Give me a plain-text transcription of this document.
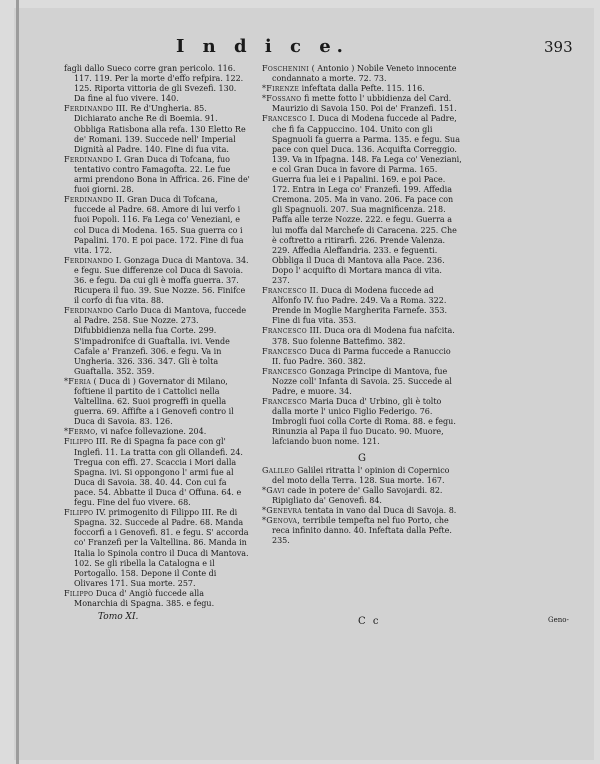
I n d i c e.	393

fagli dallo Sueco corre gran pericolo. 116. 117. 119. Per la morte d'effo refpira. 122. 125. Riporta vittoria de gli Svezefi. 130. Da fine al fuo vivere. 140.

Ferdinando III. Re d'Ungheria. 85. Dichiarato anche Re di Boemia. 91. Obbliga Ratisbona alla refa. 130 Eletto Re de' Romani. 139. Succede nell' Imperial Dignità al Padre. 140. Fine di fua vita.

Ferdinando I. Gran Duca di Tofcana, fuo tentativo contro Famagofta. 22. Le fue armi prendono Bona in Affrica. 26. Fine de' fuoi giorni. 28.

Ferdinando II. Gran Duca di Tofcana, fuccede al Padre. 68. Amore di lui verfo i fuoi Popoli. 116. Fa Lega co' Veneziani, e col Duca di Modena. 165. Sua guerra co i Papalini. 170. E poi pace. 172. Fine di fua vita. 172.

Ferdinando I. Gonzaga Duca di Mantova. 34. e fegu. Sue differenze col Duca di Savoia. 36. e fegu. Da cui gli è moffa guerra. 37. Ricupera il fuo. 39. Sue Nozze. 56. Finifce il corfo di fua vita. 88.

Ferdinando Carlo Duca di Mantova, fuccede al Padre. 258. Sue Nozze. 273. Difubbidienza nella fua Corte. 299. S'impadronifce di Guaftalla. ivi. Vende Cafale a' Franzefi. 306. e fegu. Va in Ungheria. 326. 336. 347. Gli è tolta Guaftalla. 352. 359.

*Feria ( Duca di ) Governator di Milano, foftiene il partito de i Cattolici nella Valtellina. 62. Suoi progreffi in quella guerra. 69. Affifte a i Genovefi contro il Duca di Savoia. 83. 126.

*Fermo, vi nafce follevazione. 204.

Filippo III. Re di Spagna fa pace con gl' Inglefi. 11. La tratta con gli Ollandefi. 24. Tregua con effi. 27. Scaccia i Mori dalla Spagna. ivi. Si oppongono l' armi fue al Duca di Savoia. 38. 40. 44. Con cui fa pace. 54. Abbatte il Duca d' Offuna. 64. e fegu. Fine del fuo vivere. 68.

Filippo IV. primogenito di Filippo III. Re di Spagna. 32. Succede al Padre. 68. Manda foccorfi a i Genovefi. 81. e fegu. S' accorda co' Franzefi per la Valtellina. 86. Manda in Italia lo Spinola contro il Duca di Mantova. 102. Se gli ribella la Catalogna e il Portogallo. 158. Depone il Conte di Olivares 171. Sua morte. 257.

Filippo Duca d' Angiò fuccede alla Monarchia di Spagna. 385. e fegu.

Foschenini ( Antonio ) Nobile Veneto innocente condannato a morte. 72. 73.

*Firenze infeftata dalla Pefte. 115. 116.

*Fossano fi mette fotto l' ubbidienza del Card. Maurizio di Savoia 150. Poi de' Franzefi. 151.

Francesco I. Duca di Modena fuccede al Padre, che fi fa Cappuccino. 104. Unito con gli Spagnuoli fa guerra a Parma. 135. e fegu. Sua pace con quel Duca. 136. Acquifta Correggio. 139. Va in Ifpagna. 148. Fa Lega co' Veneziani, e col Gran Duca in favore di Parma. 165. Guerra fua lei e i Papalini. 169. e poi Pace. 172. Entra in Lega co' Franzefi. 199. Affedia Cremona. 205. Ma in vano. 206. Fa pace con gli Spagnuoli. 207. Sua magnificenza. 218. Paffa alle terze Nozze. 222. e fegu. Guerra a lui moffa dal Marchefe di Caracena. 225. Che è coftretto a ritirarfi. 226. Prende Valenza. 229. Affedia Aleffandria. 233. e feguenti. Obbliga il Duca di Mantova alla Pace. 236. Dopo l' acquifto di Mortara manca di vita. 237.

Francesco II. Duca di Modena fuccede ad Alfonfo IV. fuo Padre. 249. Va a Roma. 322. Prende in Moglie Margherita Farnefe. 353. Fine di fua vita. 353.

Francesco III. Duca ora di Modena fua nafcita. 378. Suo folenne Battefimo. 382.

Francesco Duca di Parma fuccede a Ranuccio II. fuo Padre. 360. 382.

Francesco Gonzaga Principe di Mantova, fue Nozze coll' Infanta di Savoia. 25. Succede al Padre, e muore. 34.

Francesco Maria Duca d' Urbino, gli è tolto dalla morte l' unico Figlio Federigo. 76. Imbrogli fuoi colla Corte di Roma. 88. e fegu. Rinunzia al Papa il fuo Ducato. 90. Muore, lafciando buon nome. 121.

G

Galileo Galilei ritratta l' opinion di Copernico del moto della Terra. 128. Sua morte. 167.

*Gavi cade in potere de' Gallo Savojardi. 82. Ripigliato da' Genovefi. 84.

*Genevra tentata in vano dal Duca di Savoja. 8.

*Genova, terribile tempefta nel fuo Porto, che reca infinito danno. 40. Infeftata dalla Pefte. 235.

Tomo XI.	C c	Geno-
